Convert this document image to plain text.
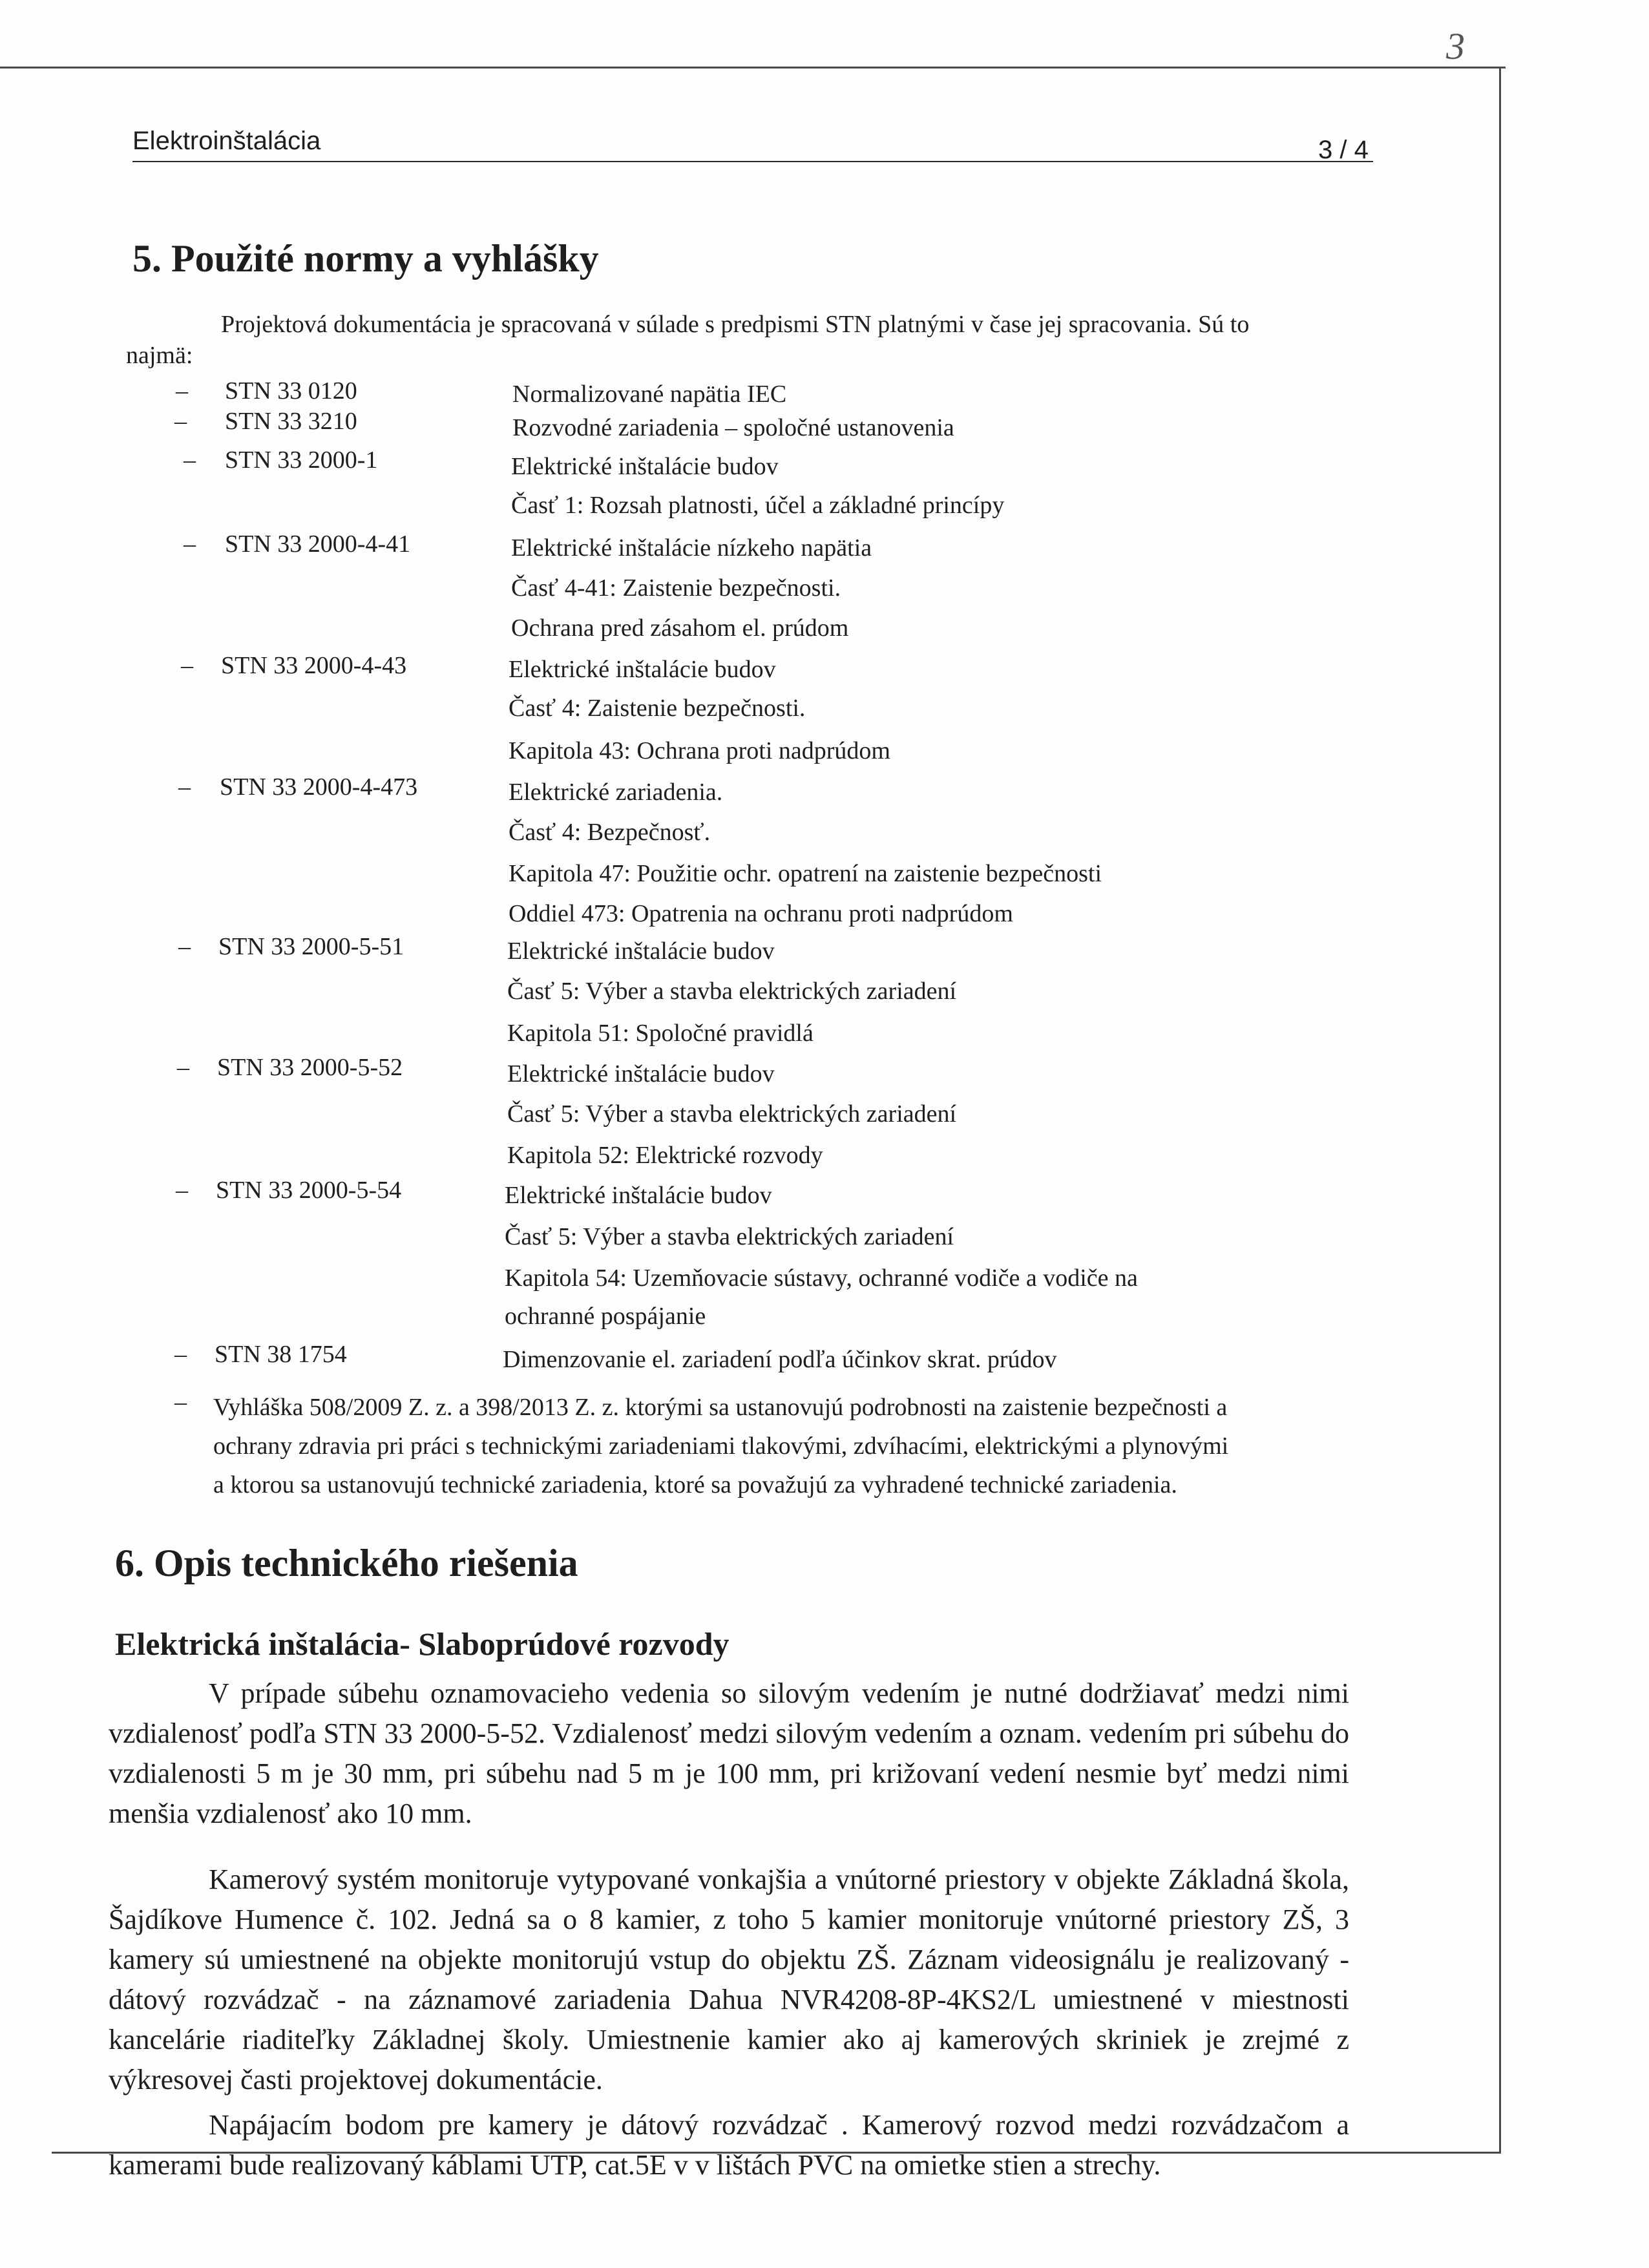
3
Elektroinštalácia	3 / 4
5. Použité normy a vyhlášky
Projektová dokumentácia je spracovaná v súlade s predpismi STN platnými v čase jej spracovania. Sú to
najmä:
– STN 33 0120	Normalizované napätia IEC
– STN 33 3210	Rozvodné zariadenia – spoločné ustanovenia
– STN 33 2000-1	Elektrické inštalácie budov
Časť 1: Rozsah platnosti, účel a základné princípy
– STN 33 2000-4-41	Elektrické inštalácie nízkeho napätia
Časť 4-41: Zaistenie bezpečnosti.
Ochrana pred zásahom el. prúdom
– STN 33 2000-4-43	Elektrické inštalácie budov
Časť 4: Zaistenie bezpečnosti.
Kapitola 43: Ochrana proti nadprúdom
– STN 33 2000-4-473	Elektrické zariadenia.
Časť 4: Bezpečnosť.
Kapitola 47: Použitie ochr. opatrení na zaistenie bezpečnosti
Oddiel 473: Opatrenia na ochranu proti nadprúdom
– STN 33 2000-5-51	Elektrické inštalácie budov
Časť 5: Výber a stavba elektrických zariadení
Kapitola 51: Spoločné pravidlá
– STN 33 2000-5-52	Elektrické inštalácie budov
Časť 5: Výber a stavba elektrických zariadení
Kapitola 52: Elektrické rozvody
– STN 33 2000-5-54	Elektrické inštalácie budov
Časť 5: Výber a stavba elektrických zariadení
Kapitola 54: Uzemňovacie sústavy, ochranné vodiče a vodiče na
ochranné pospájanie
– STN 38 1754	Dimenzovanie el. zariadení podľa účinkov skrat. prúdov
– Vyhláška 508/2009 Z. z. a 398/2013 Z. z. ktorými sa ustanovujú podrobnosti na zaistenie bezpečnosti a
ochrany zdravia pri práci s technickými zariadeniami tlakovými, zdvíhacími, elektrickými a plynovými
a ktorou sa ustanovujú technické zariadenia, ktoré sa považujú za vyhradené technické zariadenia.
6. Opis technického riešenia
Elektrická inštalácia- Slaboprúdové rozvody
V prípade súbehu oznamovacieho vedenia so silovým vedením je nutné dodržiavať medzi nimi vzdialenosť podľa STN 33 2000-5-52. Vzdialenosť medzi silovým vedením a oznam. vedením pri súbehu do vzdialenosti 5 m je 30 mm, pri súbehu nad 5 m je 100 mm, pri križovaní vedení nesmie byť medzi nimi menšia vzdialenosť ako 10 mm.
Kamerový systém monitoruje vytypované vonkajšia a vnútorné priestory v objekte Základná škola, Šajdíkove Humence č. 102. Jedná sa o 8 kamier, z toho 5 kamier monitoruje vnútorné priestory ZŠ, 3 kamery sú umiestnené na objekte monitorujú vstup do objektu ZŠ. Záznam videosignálu je realizovaný - dátový rozvádzač - na záznamové zariadenia Dahua NVR4208-8P-4KS2/L umiestnené v miestnosti kancelárie riaditeľky Základnej školy. Umiestnenie kamier ako aj kamerových skriniek je zrejmé z výkresovej časti projektovej dokumentácie.
Napájacím bodom pre kamery je dátový rozvádzač . Kamerový rozvod medzi rozvádzačom a kamerami bude realizovaný káblami UTP, cat.5E v v lištách PVC na omietke stien a strechy.
